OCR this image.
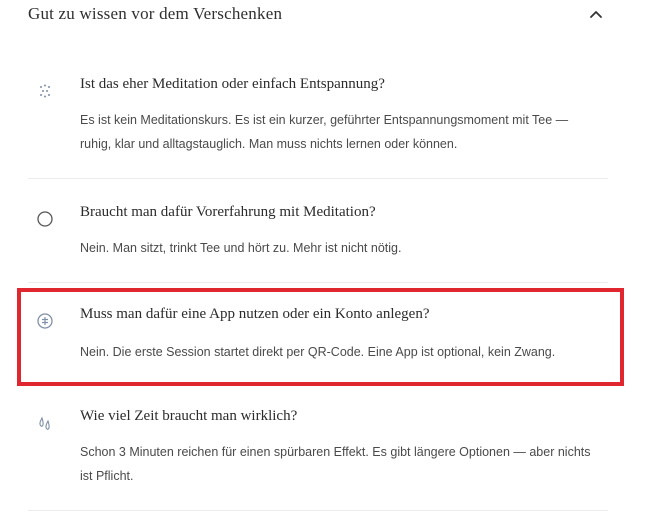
Gut zu wissen vor dem Verschenken
Ist das eher Meditation oder einfach Entspannung?
Es ist kein Meditationskurs. Es ist ein kurzer, geführter Entspannungsmoment mit Tee — ruhig, klar und alltagstauglich. Man muss nichts lernen oder können.
Braucht man dafür Vorerfahrung mit Meditation?
Nein. Man sitzt, trinkt Tee und hört zu. Mehr ist nicht nötig.
Muss man dafür eine App nutzen oder ein Konto anlegen?
Nein. Die erste Session startet direkt per QR-Code. Eine App ist optional, kein Zwang.
Wie viel Zeit braucht man wirklich?
Schon 3 Minuten reichen für einen spürbaren Effekt. Es gibt längere Optionen — aber nichts ist Pflicht.
